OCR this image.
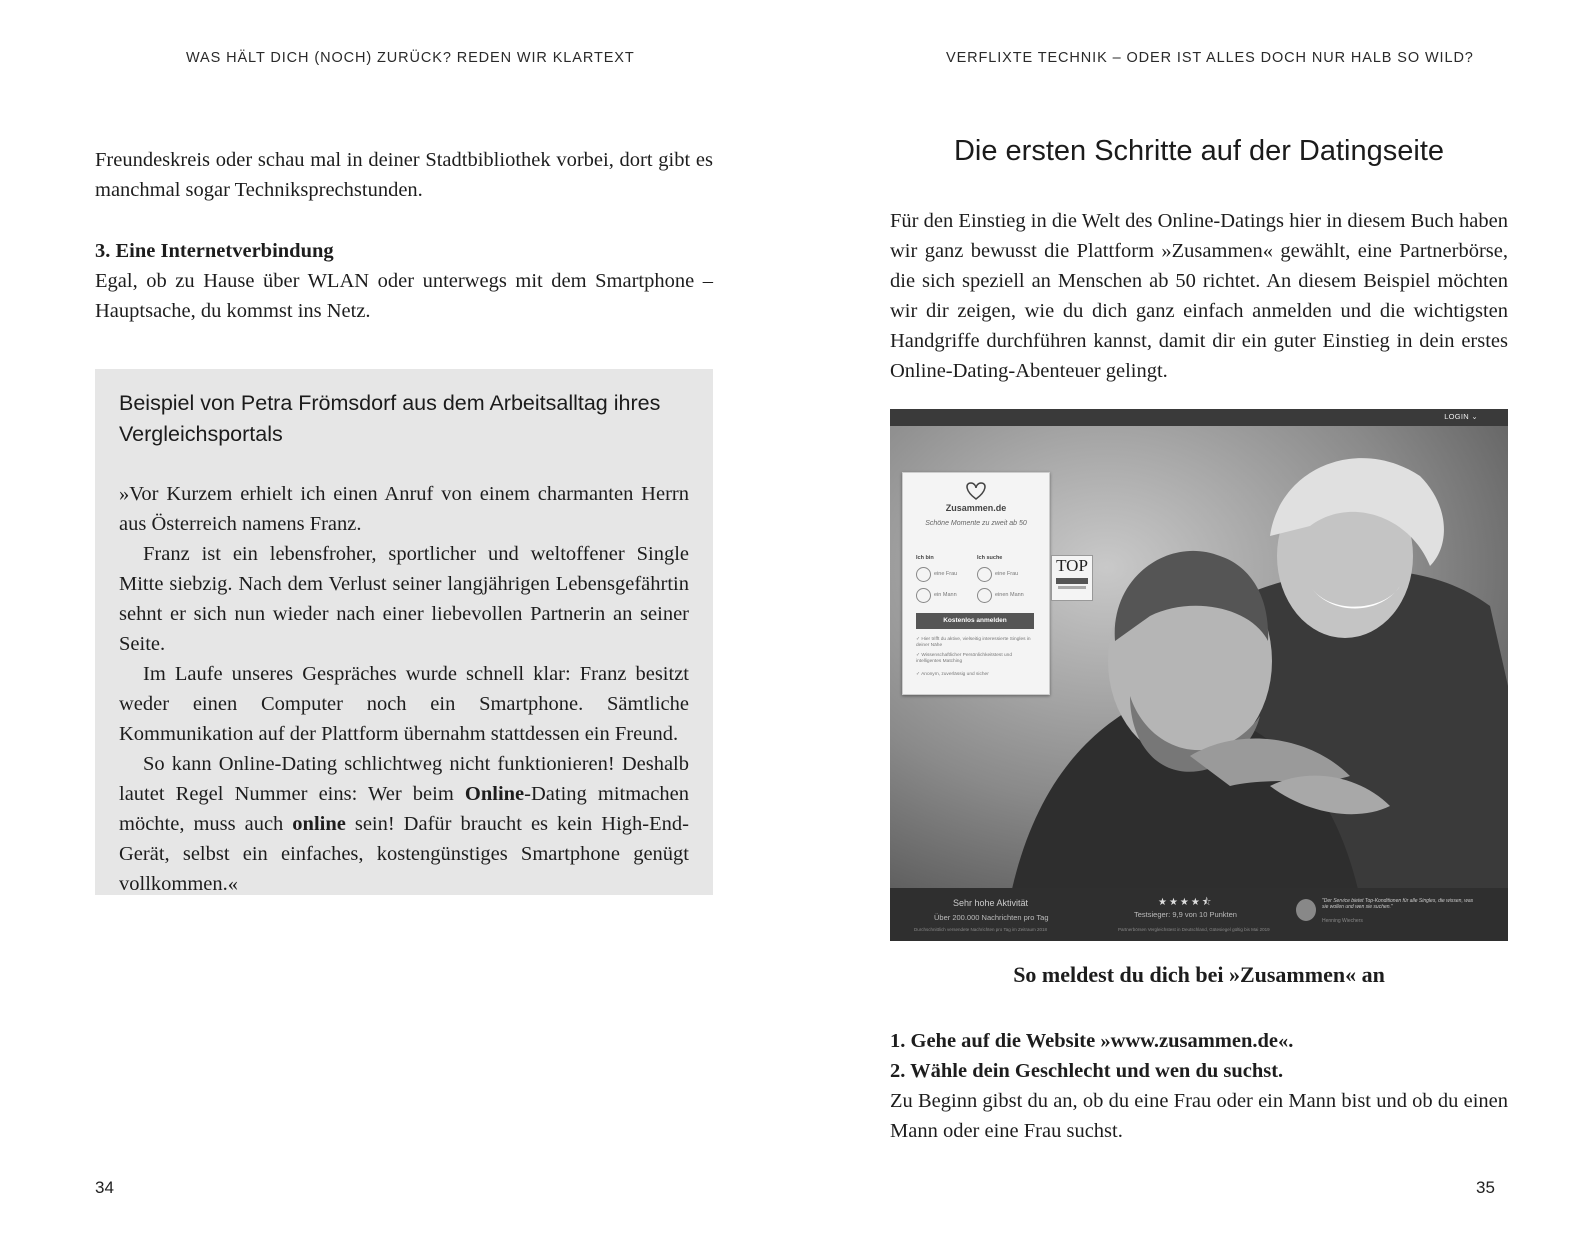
WAS HÄLT DICH (NOCH) ZURÜCK? REDEN WIR KLARTEXT

Freundeskreis oder schau mal in deiner Stadtbibliothek vorbei, dort gibt es manchmal sogar Techniksprechstunden.

3. Eine Internetverbindung

Egal, ob zu Hause über WLAN oder unterwegs mit dem Smartphone – Hauptsache, du kommst ins Netz.

Beispiel von Petra Frömsdorf aus dem Arbeitsalltag ihres Vergleichsportals

»Vor Kurzem erhielt ich einen Anruf von einem charmanten Herrn aus Österreich namens Franz.

Franz ist ein lebensfroher, sportlicher und weltoffener Single Mitte siebzig. Nach dem Verlust seiner langjährigen Lebensgefährtin sehnt er sich nun wieder nach einer liebevollen Partnerin an seiner Seite.

Im Laufe unseres Gespräches wurde schnell klar: Franz besitzt weder einen Computer noch ein Smartphone. Sämtliche Kommunikation auf der Plattform übernahm stattdessen ein Freund.

So kann Online-Dating schlichtweg nicht funktionieren! Deshalb lautet Regel Nummer eins: Wer beim Online-Dating mitmachen möchte, muss auch online sein! Dafür braucht es kein High-End-Gerät, selbst ein einfaches, kostengünstiges Smartphone genügt vollkommen.«

34
VERFLIXTE TECHNIK – ODER IST ALLES DOCH NUR HALB SO WILD?
Die ersten Schritte auf der Datingseite

Für den Einstieg in die Welt des Online-Datings hier in diesem Buch haben wir ganz bewusst die Plattform »Zusammen« gewählt, eine Partnerbörse, die sich speziell an Menschen ab 50 richtet. An diesem Beispiel möchten wir dir zeigen, wie du dich ganz einfach anmelden und die wichtigsten Handgriffe durchführen kannst, damit dir ein guter Einstieg in dein erstes Online-Dating-Abenteuer gelingt.

LOGIN ⌄
Zusammen.de
Schöne Momente zu zweit ab 50
Ich bin	Ich suche
eine Frau	eine Frau
ein Mann	einen Mann
Kostenlos anmelden
✓ Hier trifft du aktive, vielseitig interessierte Singles in deiner Nähe
✓ Wissenschaftlicher Persönlichkeitstest und intelligentes Matching
✓ Anonym, zuverlässig und sicher
TOP
Sehr hohe Aktivität
Über 200.000 Nachrichten pro Tag
Durchschnittlich versendete Nachrichten pro Tag im Zeitraum 2018
★★★★⯪
Testsieger: 9,9 von 10 Punkten
Partnerbörsen Vergleichstest in Deutschland, Gütesiegel gültig bis Mai 2019
"Der Service bietet Top-Konditionen für alle Singles, die wissen, was sie wollen und wen sie suchen."
Henning Wiechers

So meldest du dich bei »Zusammen« an

1. Gehe auf die Website »www.zusammen.de«.

2. Wähle dein Geschlecht und wen du suchst.

Zu Beginn gibst du an, ob du eine Frau oder ein Mann bist und ob du einen Mann oder eine Frau suchst.

35
